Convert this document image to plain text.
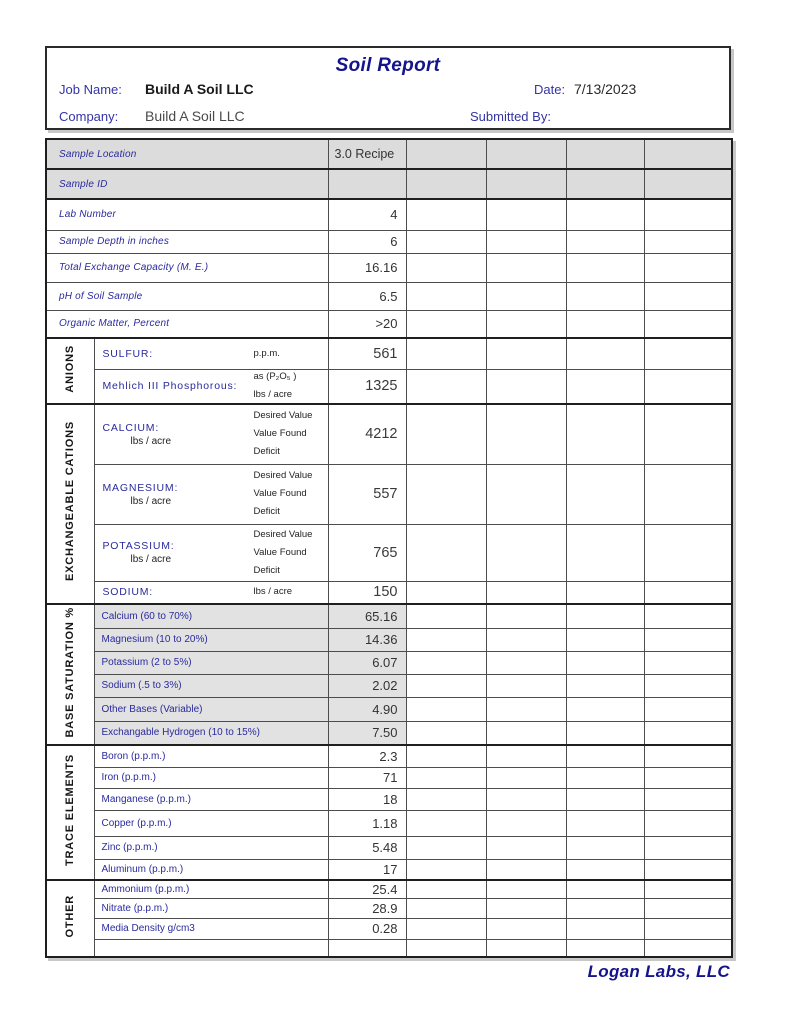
Soil Report
Job Name: Build A Soil LLC	Date: 7/13/2023
Company: Build A Soil LLC	Submitted By:
Sample Location		3.0 Recipe				

Sample ID						

Lab Number		4				

Sample Depth in inches		6				

Total Exchange Capacity (M. E.)		16.16				

pH of Soil Sample		6.5				

Organic Matter, Percent		>20				
ANIONS	SULFUR: p.p.m.	561				

	Mehlich III Phosphorous:
as (P₂O₅ )
lbs / acre	1325				
EXCHANGEABLE CATIONS	CALCIUM:
lbs / acre
Desired Value
Value Found
Deficit	4212				

	MAGNESIUM:
lbs / acre
Desired Value
Value Found
Deficit	557				

	POTASSIUM:
lbs / acre
Desired Value
Value Found
Deficit	765				

	SODIUM: lbs / acre	150				
BASE SATURATION %	Calcium (60 to 70%)	65.16				

	Magnesium (10 to 20%)	14.36				

	Potassium (2 to 5%)	6.07				

	Sodium (.5 to 3%)	2.02				

	Other Bases (Variable)	4.90				

	Exchangable Hydrogen (10 to 15%)	7.50				
TRACE ELEMENTS	Boron (p.p.m.)	2.3				

	Iron (p.p.m.)	71				

	Manganese (p.p.m.)	18				

	Copper (p.p.m.)	1.18				

	Zinc (p.p.m.)	5.48				

	Aluminum (p.p.m.)	17				
OTHER	Ammonium (p.p.m.)	25.4				

	Nitrate (p.p.m.)	28.9				

	Media Density g/cm3	0.28				

Logan Labs, LLC
